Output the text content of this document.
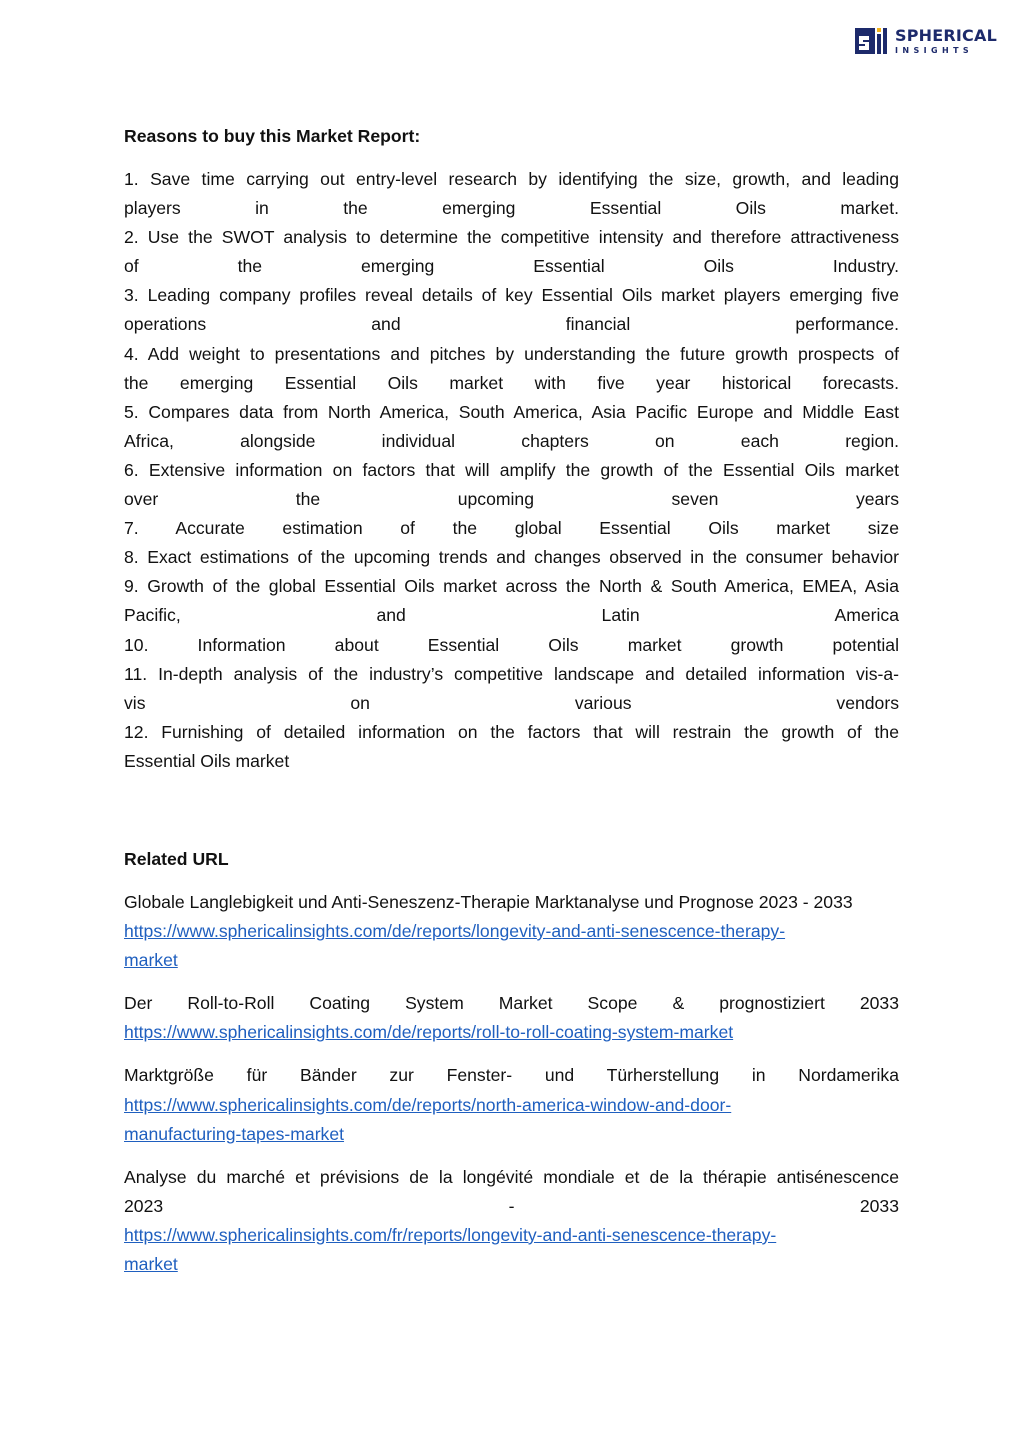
SPHERICAL
INSIGHTS
Reasons to buy this Market Report:
1. Save time carrying out entry-level research by identifying the size, growth, and leading
players in the emerging Essential Oils market.
2. Use the SWOT analysis to determine the competitive intensity and therefore attractiveness
of the emerging Essential Oils Industry.
3. Leading company profiles reveal details of key Essential Oils market players emerging five
operations and financial performance.
4. Add weight to presentations and pitches by understanding the future growth prospects of
the emerging Essential Oils market with five year historical forecasts.
5. Compares data from North America, South America, Asia Pacific Europe and Middle East
Africa, alongside individual chapters on each region.
6. Extensive information on factors that will amplify the growth of the Essential Oils market
over the upcoming seven years
7. Accurate estimation of the global Essential Oils market size
8. Exact estimations of the upcoming trends and changes observed in the consumer behavior
9. Growth of the global Essential Oils market across the North & South America, EMEA, Asia
Pacific, and Latin America
10. Information about Essential Oils market growth potential
11. In-depth analysis of the industry’s competitive landscape and detailed information vis-a-
vis on various vendors
12. Furnishing of detailed information on the factors that will restrain the growth of the
Essential Oils market
Related URL
Globale Langlebigkeit und Anti-Seneszenz-Therapie Marktanalyse und Prognose 2023 - 2033
https://www.sphericalinsights.com/de/reports/longevity-and-anti-senescence-therapy-
market
Der Roll-to-Roll Coating System Market Scope & prognostiziert 2033
https://www.sphericalinsights.com/de/reports/roll-to-roll-coating-system-market
Marktgröße für Bänder zur Fenster- und Türherstellung in Nordamerika
https://www.sphericalinsights.com/de/reports/north-america-window-and-door-
manufacturing-tapes-market
Analyse du marché et prévisions de la longévité mondiale et de la thérapie antisénescence
2023	-	2033
https://www.sphericalinsights.com/fr/reports/longevity-and-anti-senescence-therapy-
market
